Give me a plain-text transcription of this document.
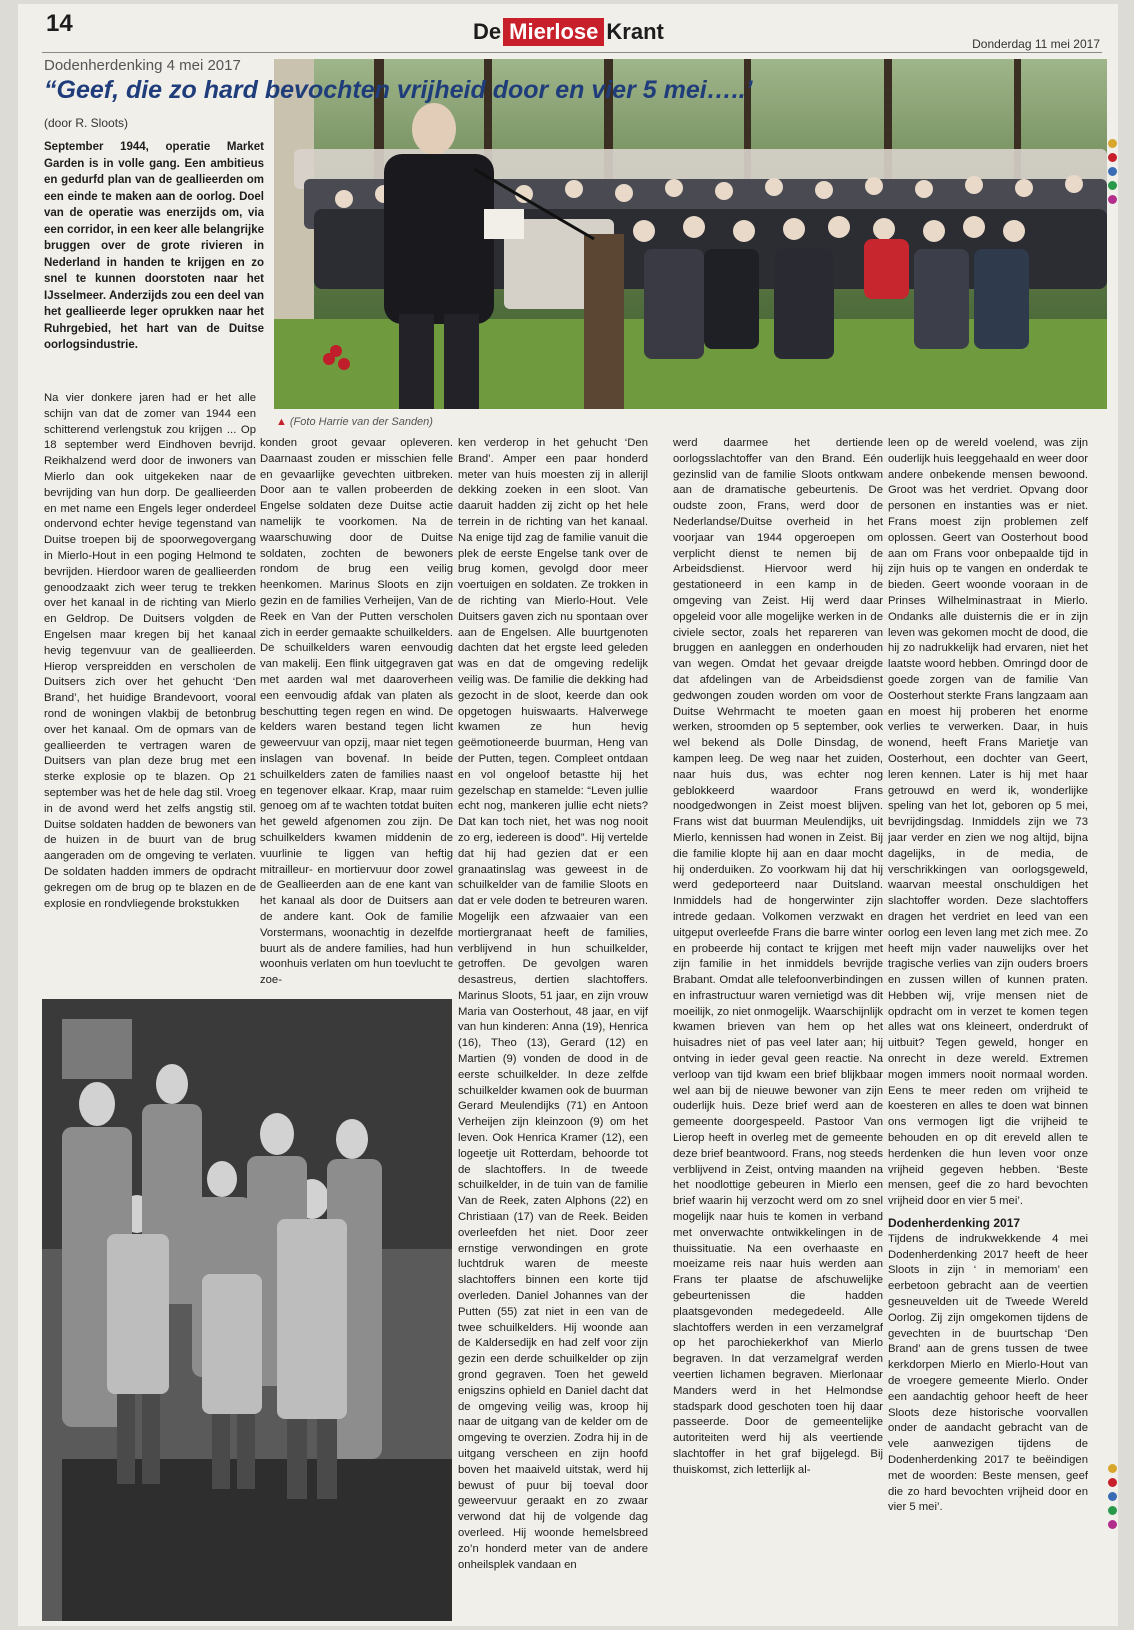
14	De Mierlose Krant	Donderdag 11 mei 2017
Dodenherdenking 4 mei 2017
“Geef, die zo hard bevochten vrijheid door en vier 5 mei…..’
(door R. Sloots)

September 1944, operatie Market Garden is in volle gang. Een ambitieus en gedurfd plan van de geallieerden om een einde te maken aan de oorlog. Doel van de operatie was enerzijds om, via een corridor, in een keer alle belangrijke bruggen over de grote rivieren in Nederland in handen te krijgen en zo snel te kunnen doorstoten naar het IJsselmeer. Anderzijds zou een deel van het geallieerde leger oprukken naar het Ruhrgebied, het hart van de Duitse oorlogsindustrie.

▲ (Foto Harrie van der Sanden)

Na vier donkere jaren had er het alle schijn van dat de zomer van 1944 een schitterend verlengstuk zou krijgen ... Op 18 september werd Eindhoven bevrijd. Reikhalzend werd door de inwoners van Mierlo dan ook uitgekeken naar de bevrijding van hun dorp. De geallieerden en met name een Engels leger onderdeel ondervond echter hevige tegenstand van Duitse troepen bij de spoorwegovergang in Mierlo-Hout in een poging Helmond te bevrijden. Hierdoor waren de geallieerden genoodzaakt zich weer terug te trekken over het kanaal in de richting van Mierlo en Geldrop. De Duitsers volgden de Engelsen maar kregen bij het kanaal hevig tegenvuur van de geallieerden. Hierop verspreidden en verscholen de Duitsers zich over het gehucht ‘Den Brand’, het huidige Brandevoort, vooral rond de woningen vlakbij de betonbrug over het kanaal. Om de opmars van de geallieerden te vertragen waren de Duitsers van plan deze brug met een sterke explosie op te blazen. Op 21 september was het de hele dag stil. Vroeg in de avond werd het zelfs angstig stil. Duitse soldaten hadden de bewoners van de huizen in de buurt van de brug aangeraden om de omgeving te verlaten. De soldaten hadden immers de opdracht gekregen om de brug op te blazen en de explosie en rondvliegende brokstukken

konden groot gevaar opleveren. Daarnaast zouden er misschien felle en gevaarlijke gevechten uitbreken. Door aan te vallen probeerden de Engelse soldaten deze Duitse actie namelijk te voorkomen. Na de waarschuwing door de Duitse soldaten, zochten de bewoners rondom de brug een veilig heenkomen. Marinus Sloots en zijn gezin en de families Verheijen, Van de Reek en Van der Putten verscholen zich in eerder gemaakte schuilkelders. De schuilkelders waren eenvoudig van makelij. Een flink uitgegraven gat met aarden wal met daaroverheen een eenvoudig afdak van platen als beschutting tegen regen en wind. De kelders waren bestand tegen licht geweervuur van opzij, maar niet tegen inslagen van bovenaf. In beide schuilkelders zaten de families naast en tegenover elkaar. Krap, maar ruim genoeg om af te wachten totdat buiten het geweld afgenomen zou zijn. De schuilkelders kwamen middenin de vuurlinie te liggen van heftig mitrailleur- en mortiervuur door zowel de Geallieerden aan de ene kant van het kanaal als door de Duitsers aan de andere kant. Ook de familie Vorstermans, woonachtig in dezelfde buurt als de andere families, had hun woonhuis verlaten om hun toevlucht te zoe-

ken verderop in het gehucht ‘Den Brand’. Amper een paar honderd meter van huis moesten zij in allerijl dekking zoeken in een sloot. Van daaruit hadden zij zicht op het hele terrein in de richting van het kanaal. Na enige tijd zag de familie vanuit die plek de eerste Engelse tank over de brug komen, gevolgd door meer voertuigen en soldaten. Ze trokken in de richting van Mierlo-Hout. Vele Duitsers gaven zich nu spontaan over aan de Engelsen. Alle buurtgenoten dachten dat het ergste leed geleden was en dat de omgeving redelijk veilig was. De familie die dekking had gezocht in de sloot, keerde dan ook opgetogen huiswaarts. Halverwege kwamen ze hun hevig geëmotioneerde buurman, Heng van der Putten, tegen. Compleet ontdaan en vol ongeloof betastte hij het gezelschap en stamelde: “Leven jullie echt nog, mankeren jullie echt niets? Dat kan toch niet, het was nog nooit zo erg, iedereen is dood”. Hij vertelde dat hij had gezien dat er een granaatinslag was geweest in de schuilkelder van de familie Sloots en dat er vele doden te betreuren waren. Mogelijk een afzwaaier van een mortiergranaat heeft de families, verblijvend in hun schuilkelder, getroffen. De gevolgen waren desastreus, dertien slachtoffers. Marinus Sloots, 51 jaar, en zijn vrouw Maria van Oosterhout, 48 jaar, en vijf van hun kinderen: Anna (19), Henrica (16), Theo (13), Gerard (12) en Martien (9) vonden de dood in de eerste schuilkelder. In deze zelfde schuilkelder kwamen ook de buurman Gerard Meulendijks (71) en Antoon Verheijen zijn kleinzoon (9) om het leven. Ook Henrica Kramer (12), een logeetje uit Rotterdam, behoorde tot de slachtoffers. In de tweede schuilkelder, in de tuin van de familie Van de Reek, zaten Alphons (22) en Christiaan (17) van de Reek. Beiden overleefden het niet. Door zeer ernstige verwondingen en grote luchtdruk waren de meeste slachtoffers binnen een korte tijd overleden. Daniel Johannes van der Putten (55) zat niet in een van de twee schuilkelders. Hij woonde aan de Kaldersedijk en had zelf voor zijn gezin een derde schuilkelder op zijn grond gegraven. Toen het geweld enigszins ophield en Daniel dacht dat de omgeving veilig was, kroop hij naar de uitgang van de kelder om de omgeving te overzien. Zodra hij in de uitgang verscheen en zijn hoofd boven het maaiveld uitstak, werd hij bewust of puur bij toeval door geweervuur geraakt en zo zwaar verwond dat hij de volgende dag overleed. Hij woonde hemelsbreed zo’n honderd meter van de andere onheilsplek vandaan en

werd daarmee het dertiende oorlogsslachtoffer van den Brand. Eén gezinslid van de familie Sloots ontkwam aan de dramatische gebeurtenis. De oudste zoon, Frans, werd door de Nederlandse/Duitse overheid in het voorjaar van 1944 opgeroepen om verplicht dienst te nemen bij de Arbeidsdienst. Hiervoor werd hij gestationeerd in een kamp in de omgeving van Zeist. Hij werd daar opgeleid voor alle mogelijke werken in de civiele sector, zoals het repareren van bruggen en aanleggen en onderhouden van wegen. Omdat het gevaar dreigde dat afdelingen van de Arbeidsdienst gedwongen zouden worden om voor de Duitse Wehrmacht te moeten gaan werken, stroomden op 5 september, ook wel bekend als Dolle Dinsdag, de kampen leeg. De weg naar het zuiden, naar huis dus, was echter nog geblokkeerd waardoor Frans noodgedwongen in Zeist moest blijven. Frans wist dat buurman Meulendijks, uit Mierlo, kennissen had wonen in Zeist. Bij die familie klopte hij aan en daar mocht hij onderduiken. Zo voorkwam hij dat hij werd gedeporteerd naar Duitsland. Inmiddels had de hongerwinter zijn intrede gedaan. Volkomen verzwakt en uitgeput overleefde Frans die barre winter en probeerde hij contact te krijgen met zijn familie in het inmiddels bevrijde Brabant. Omdat alle telefoonverbindingen en infrastructuur waren vernietigd was dit moeilijk, zo niet onmogelijk. Waarschijnlijk kwamen brieven van hem op het huisadres niet of pas veel later aan; hij ontving in ieder geval geen reactie. Na verloop van tijd kwam een brief blijkbaar wel aan bij de nieuwe bewoner van zijn ouderlijk huis. Deze brief werd aan de gemeente doorgespeeld. Pastoor Van Lierop heeft in overleg met de gemeente deze brief beantwoord. Frans, nog steeds verblijvend in Zeist, ontving maanden na het noodlottige gebeuren in Mierlo een brief waarin hij verzocht werd om zo snel mogelijk naar huis te komen in verband met onverwachte ontwikkelingen in de thuissituatie. Na een overhaaste en moeizame reis naar huis werden aan Frans ter plaatse de afschuwelijke gebeurtenissen die hadden plaatsgevonden medegedeeld. Alle slachtoffers werden in een verzamelgraf op het parochiekerkhof van Mierlo begraven. In dat verzamelgraf werden veertien lichamen begraven. Mierlonaar Manders werd in het Helmondse stadspark dood geschoten toen hij daar passeerde. Door de gemeentelijke autoriteiten werd hij als veertiende slachtoffer in het graf bijgelegd. Bij thuiskomst, zich letterlijk al-

leen op de wereld voelend, was zijn ouderlijk huis leeggehaald en weer door andere onbekende mensen bewoond. Groot was het verdriet. Opvang door personen en instanties was er niet. Frans moest zijn problemen zelf oplossen. Geert van Oosterhout bood aan om Frans voor onbepaalde tijd in zijn huis op te vangen en onderdak te bieden. Geert woonde vooraan in de Prinses Wilhelminastraat in Mierlo. Ondanks alle duisternis die er in zijn leven was gekomen mocht de dood, die hij zo nadrukkelijk had ervaren, niet het laatste woord hebben. Omringd door de goede zorgen van de familie Van Oosterhout sterkte Frans langzaam aan en moest hij proberen het enorme verlies te verwerken. Daar, in huis wonend, heeft Frans Marietje van Oosterhout, een dochter van Geert, leren kennen. Later is hij met haar getrouwd en werd ik, wonderlijke speling van het lot, geboren op 5 mei, bevrijdingsdag. Inmiddels zijn we 73 jaar verder en zien we nog altijd, bijna dagelijks, in de media, de verschrikkingen van oorlogsgeweld, waarvan meestal onschuldigen het slachtoffer worden. Deze slachtoffers dragen het verdriet en leed van een oorlog een leven lang met zich mee. Zo heeft mijn vader nauwelijks over het tragische verlies van zijn ouders broers en zussen willen of kunnen praten. Hebben wij, vrije mensen niet de opdracht om in verzet te komen tegen alles wat ons kleineert, onderdrukt of uitbuit? Tegen geweld, honger en onrecht in deze wereld. Extremen mogen immers nooit normaal worden. Eens te meer reden om vrijheid te koesteren en alles te doen wat binnen ons vermogen ligt die vrijheid te behouden en op dit ereveld allen te herdenken die hun leven voor onze vrijheid gegeven hebben. ‘Beste mensen, geef die zo hard bevochten vrijheid door en vier 5 mei’.
Dodenherdenking 2017
Tijdens de indrukwekkende 4 mei Dodenherdenking 2017 heeft de heer Sloots in zijn ‘ in memoriam’ een eerbetoon gebracht aan de veertien gesneuvelden uit de Tweede Wereld Oorlog. Zij zijn omgekomen tijdens de gevechten in de buurtschap ‘Den Brand’ aan de grens tussen de twee kerkdorpen Mierlo en Mierlo-Hout van de vroegere gemeente Mierlo. Onder een aandachtig gehoor heeft de heer Sloots deze historische voorvallen onder de aandacht gebracht van de vele aanwezigen tijdens de Dodenherdenking 2017 te beëindigen met de woorden: Beste mensen, geef die zo hard bevochten vrijheid door en vier 5 mei’.
